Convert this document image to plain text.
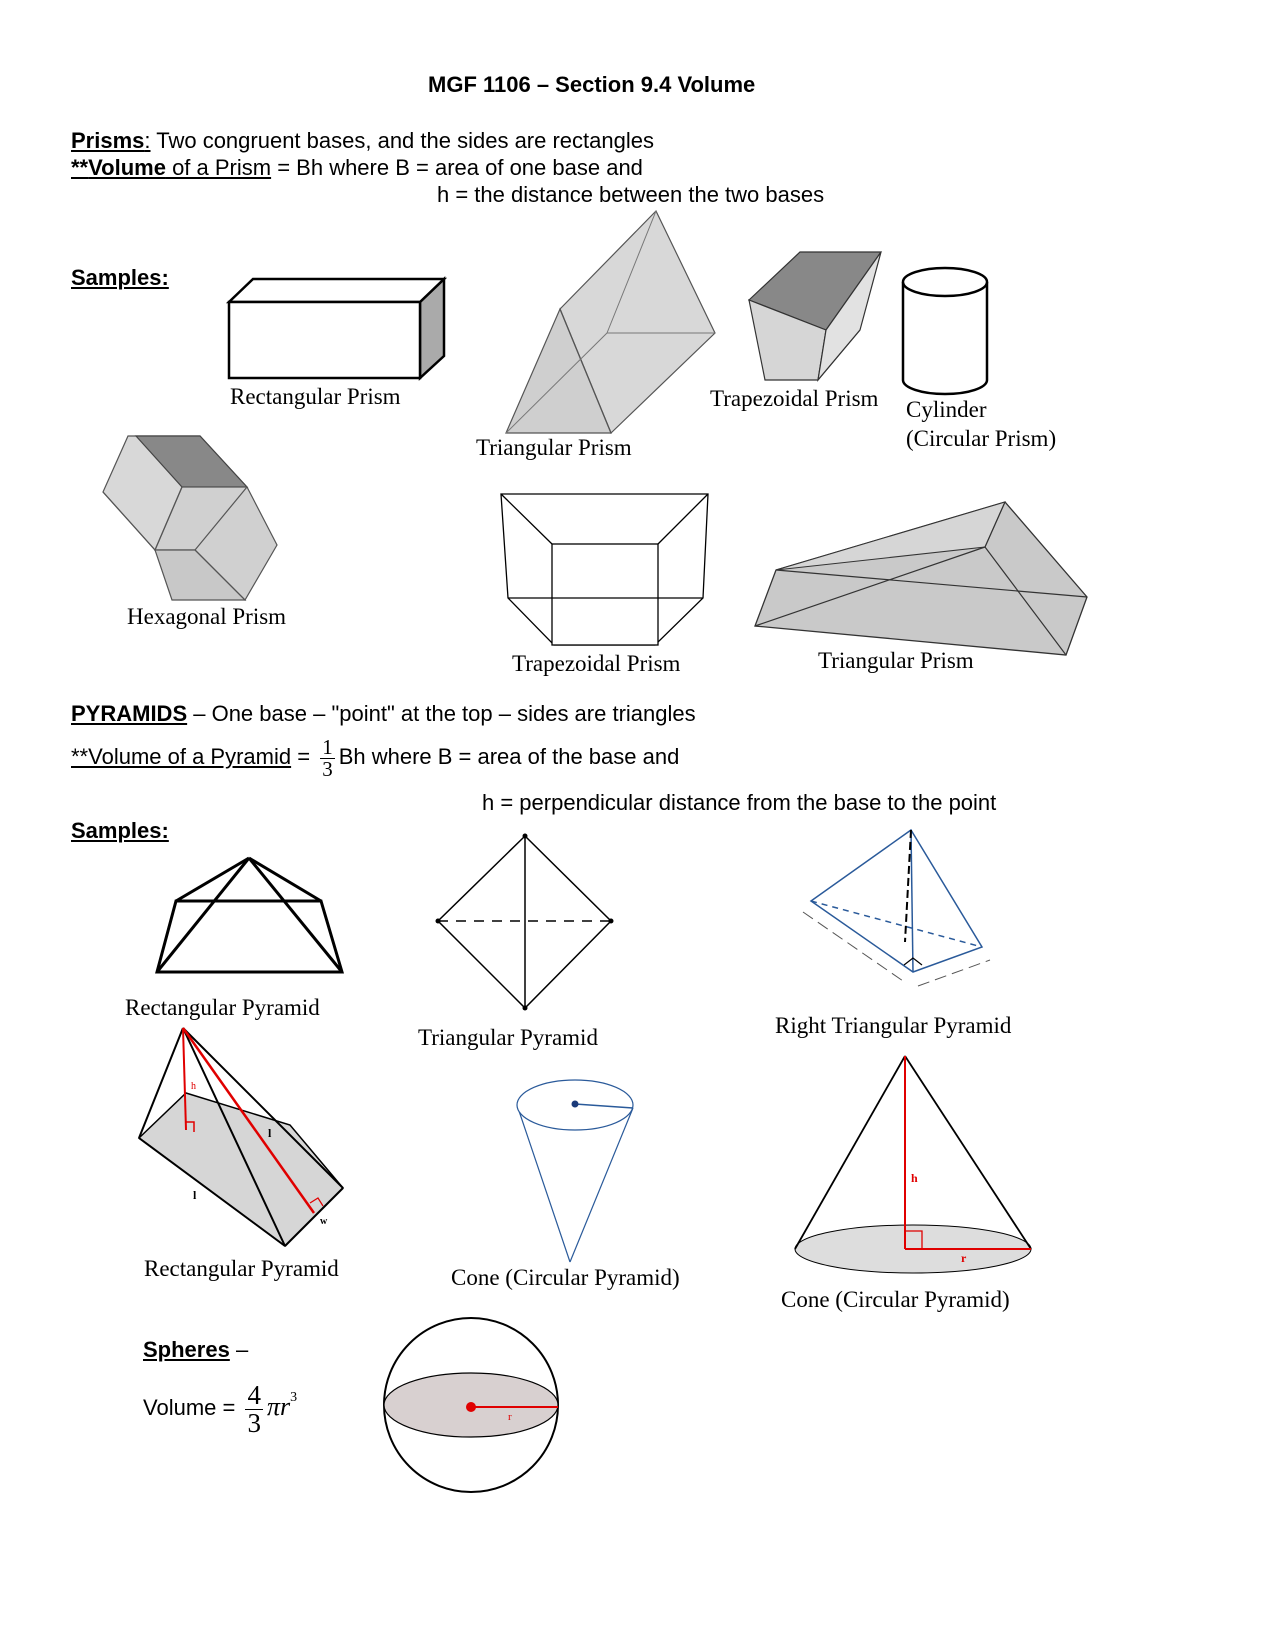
MGF 1106 – Section 9.4 Volume
Prisms: Two congruent bases, and the sides are rectangles
**Volume of a Prism = Bh where B = area of one base and
h = the distance between the two bases
Samples:
Rectangular Prism
Triangular Prism
Trapezoidal Prism Cylinder
(Circular Prism)
Hexagonal Prism
Trapezoidal Prism	Triangular Prism
PYRAMIDS – One base – "point" at the top – sides are triangles
**Volume of a Pyramid = $\frac{1}{3}$ Bh where B = area of the base and
h = perpendicular distance from the base to the point
Samples:
Rectangular Pyramid
Triangular Pyramid	Right Triangular Pyramid
h
l
l
w
Rectangular Pyramid	Cone (Circular Pyramid)
h
r
Cone (Circular Pyramid)
Spheres –
Volume = $\frac{4}{3} \pi r^3$
r
